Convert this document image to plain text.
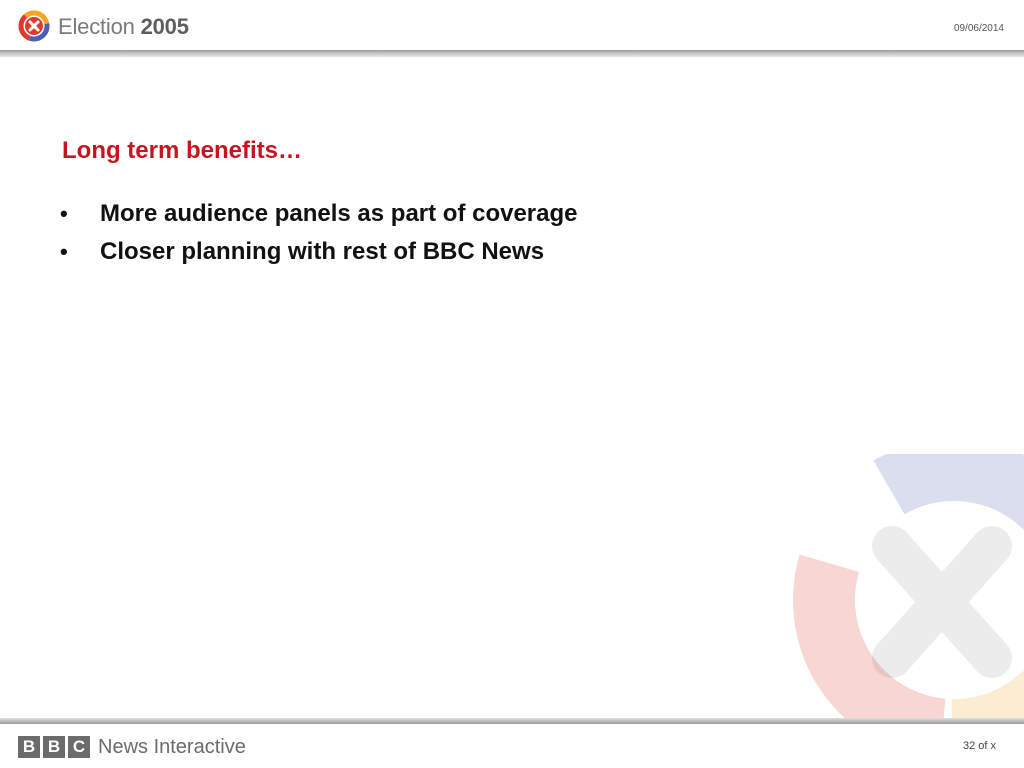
Election 2005	09/06/2014
Long term benefits…
• More audience panels as part of coverage
• Closer planning with rest of BBC News
B B C News Interactive	32 of x
